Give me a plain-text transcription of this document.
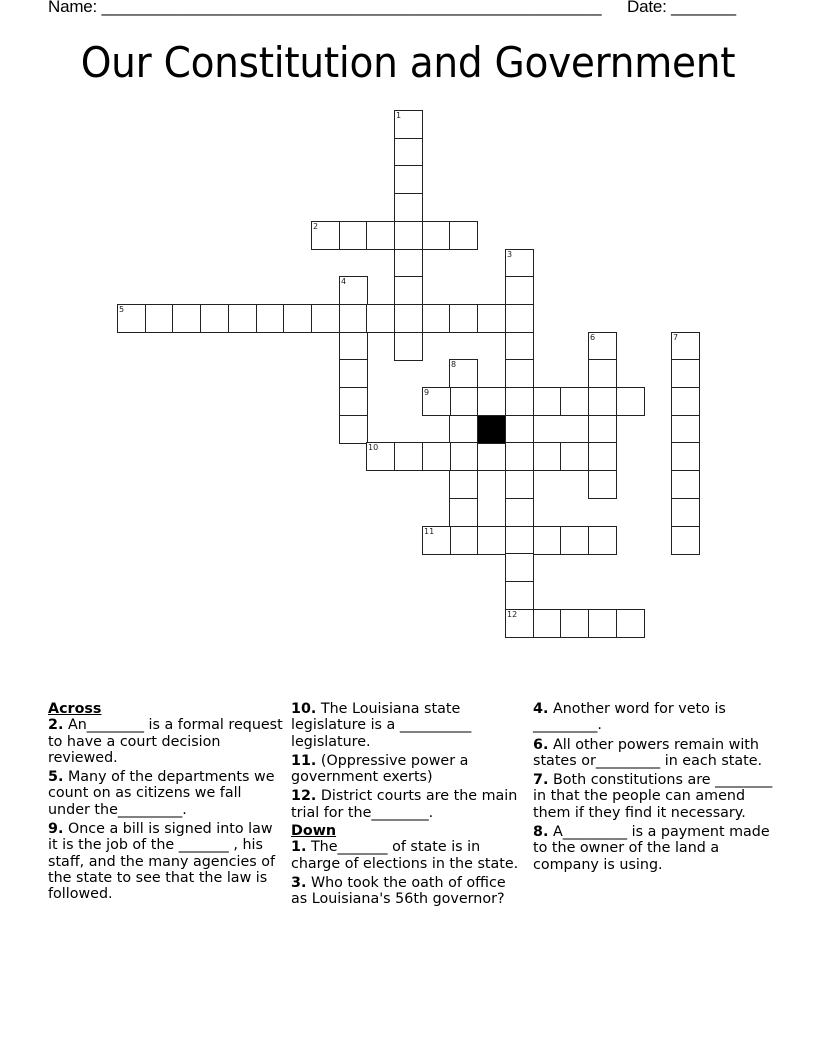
Name: ______________________________________________________ Date: _______
Our Constitution and Government
1
2
3
12
4
5
6	7
8
9
10
11
Across
2. An________ is a formal request to have a court decision reviewed.
5. Many of the departments we count on as citizens we fall under the_________.
9. Once a bill is signed into law it is the job of the _______ , his staff, and the many agencies of the state to see that the law is followed.
10. The Louisiana state legislature is a __________ legislature.
11. (Oppressive power a government exerts)
12. District courts are the main trial for the________.
Down
1. The_______ of state is in charge of elections in the state.
3. Who took the oath of office as Louisiana's 56th governor?
4. Another word for veto is _________.
6. All other powers remain with states or_________ in each state.
7. Both constitutions are ________ in that the people can amend them if they find it necessary.
8. A_________ is a payment made to the owner of the land a company is using.
